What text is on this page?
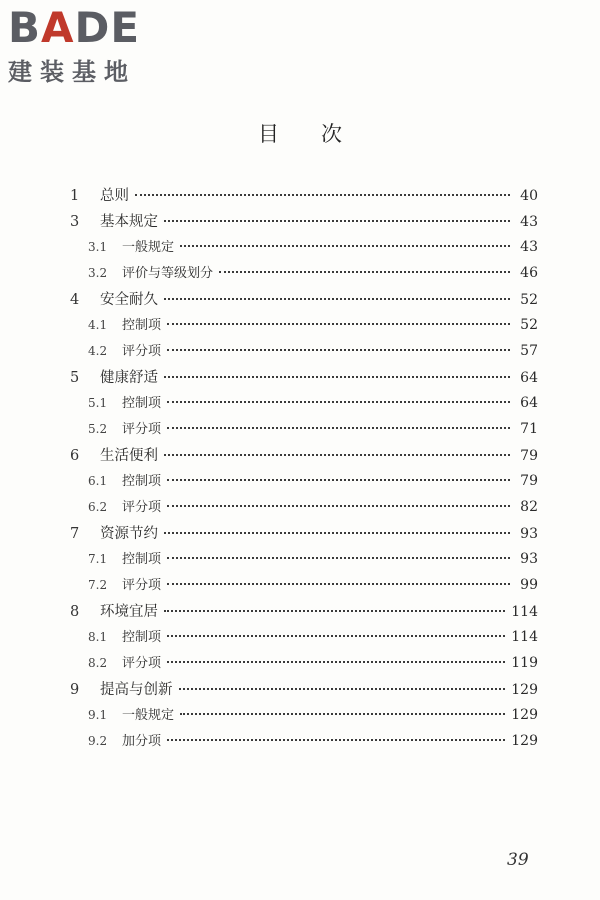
BADE
建装基地
目次
1	总则	40
3	基本规定	43
3.1	一般规定	43
3.2	评价与等级划分	46
4	安全耐久	52
4.1	控制项	52
4.2	评分项	57
5	健康舒适	64
5.1	控制项	64
5.2	评分项	71
6	生活便利	79
6.1	控制项	79
6.2	评分项	82
7	资源节约	93
7.1	控制项	93
7.2	评分项	99
8	环境宜居	114
8.1	控制项	114
8.2	评分项	119
9	提高与创新	129
9.1	一般规定	129
9.2	加分项	129
39
